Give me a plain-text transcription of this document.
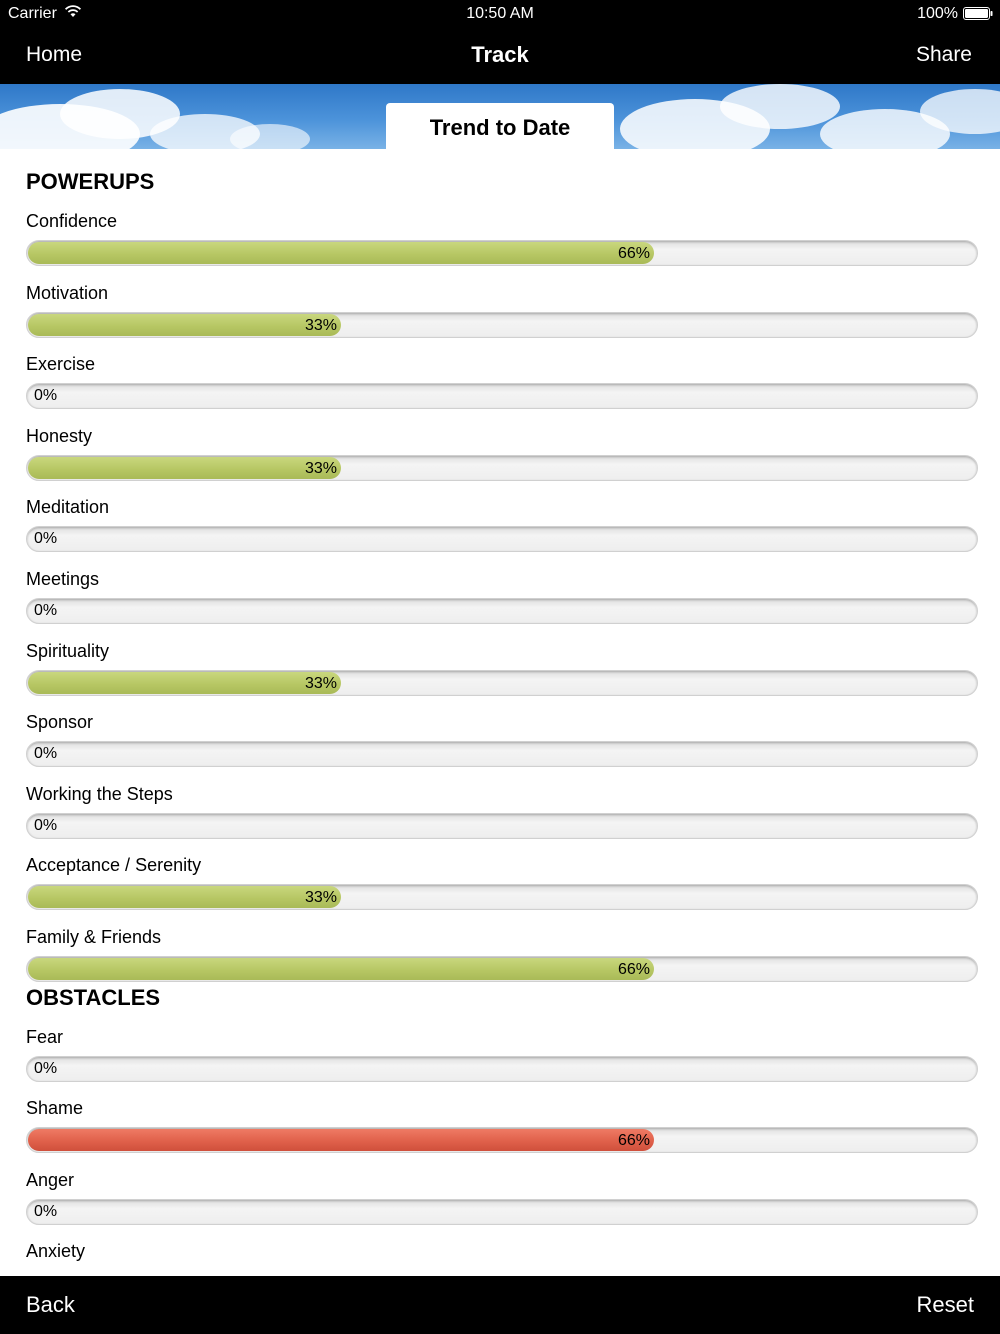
Carrier	10:50 AM	100%
Home	Track	Share
Trend to Date
POWERUPS
Confidence
66%
Motivation
33%
Exercise
0%
Honesty
33%
Meditation
0%
Meetings
0%
Spirituality
33%
Sponsor
0%
Working the Steps
0%
Acceptance / Serenity
33%
Family & Friends
66%
OBSTACLES
Fear
0%
Shame
66%
Anger
0%
Anxiety
Back	Reset
